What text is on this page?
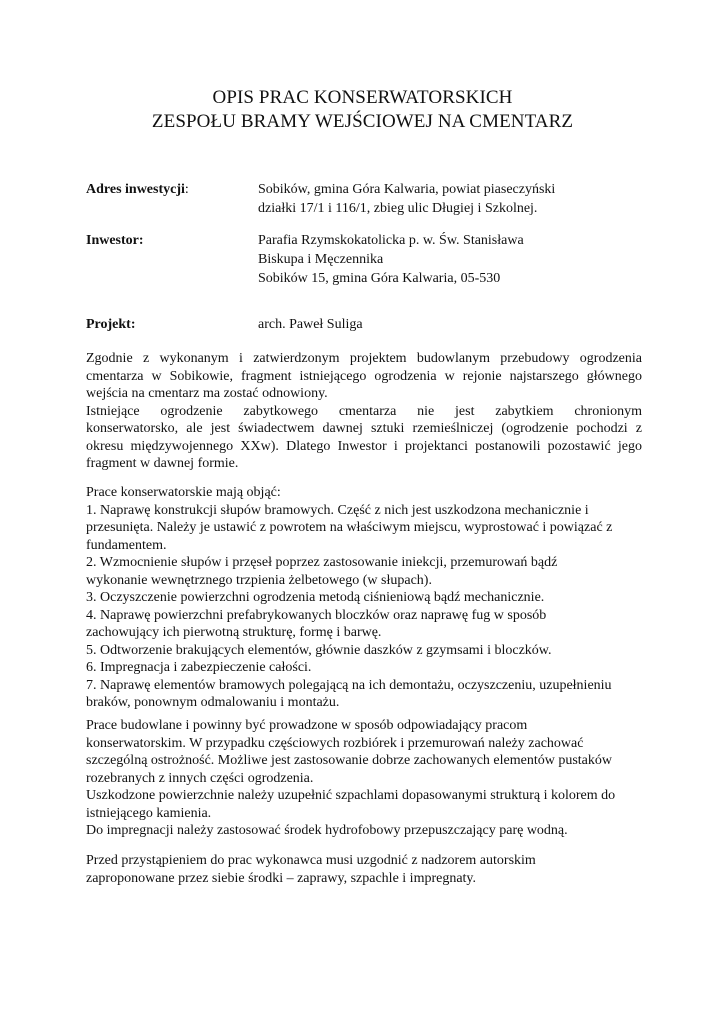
OPIS PRAC KONSERWATORSKICH
ZESPOŁU BRAMY WEJŚCIOWEJ NA CMENTARZ
Adres inwestycji:	Sobików, gmina Góra Kalwaria, powiat piaseczyński
działki 17/1 i 116/1, zbieg ulic Długiej i Szkolnej.
Inwestor:	Parafia Rzymskokatolicka p. w. Św. Stanisława
Biskupa i Męczennika
Sobików 15, gmina Góra Kalwaria, 05-530
Projekt:	arch. Paweł Suliga
Zgodnie z wykonanym i zatwierdzonym projektem budowlanym przebudowy ogrodzenia
cmentarza w Sobikowie, fragment istniejącego ogrodzenia w rejonie najstarszego głównego
wejścia na cmentarz ma zostać odnowiony.
Istniejące ogrodzenie zabytkowego cmentarza nie jest zabytkiem chronionym
konserwatorsko, ale jest świadectwem dawnej sztuki rzemieślniczej (ogrodzenie pochodzi z
okresu międzywojennego XXw). Dlatego Inwestor i projektanci postanowili pozostawić jego
fragment w dawnej formie.
Prace konserwatorskie mają objąć:
1. Naprawę konstrukcji słupów bramowych. Część z nich jest uszkodzona mechanicznie i
przesunięta. Należy je ustawić z powrotem na właściwym miejscu, wyprostować i powiązać z
fundamentem.
2. Wzmocnienie słupów i przęseł poprzez zastosowanie iniekcji, przemurowań bądź
wykonanie wewnętrznego trzpienia żelbetowego (w słupach).
3. Oczyszczenie powierzchni ogrodzenia metodą ciśnieniową bądź mechanicznie.
4. Naprawę powierzchni prefabrykowanych bloczków oraz naprawę fug w sposób
zachowujący ich pierwotną strukturę, formę i barwę.
5. Odtworzenie brakujących elementów, głównie daszków z gzymsami i bloczków.
6. Impregnacja i zabezpieczenie całości.
7. Naprawę elementów bramowych polegającą na ich demontażu, oczyszczeniu, uzupełnieniu
braków, ponownym odmalowaniu i montażu.
Prace budowlane i powinny być prowadzone w sposób odpowiadający pracom
konserwatorskim. W przypadku częściowych rozbiórek i przemurowań należy zachować
szczególną ostrożność. Możliwe jest zastosowanie dobrze zachowanych elementów pustaków
rozebranych z innych części ogrodzenia.
Uszkodzone powierzchnie należy uzupełnić szpachlami dopasowanymi strukturą i kolorem do
istniejącego kamienia.
Do impregnacji należy zastosować środek hydrofobowy przepuszczający parę wodną.
Przed przystąpieniem do prac wykonawca musi uzgodnić z nadzorem autorskim
zaproponowane przez siebie środki – zaprawy, szpachle i impregnaty.
